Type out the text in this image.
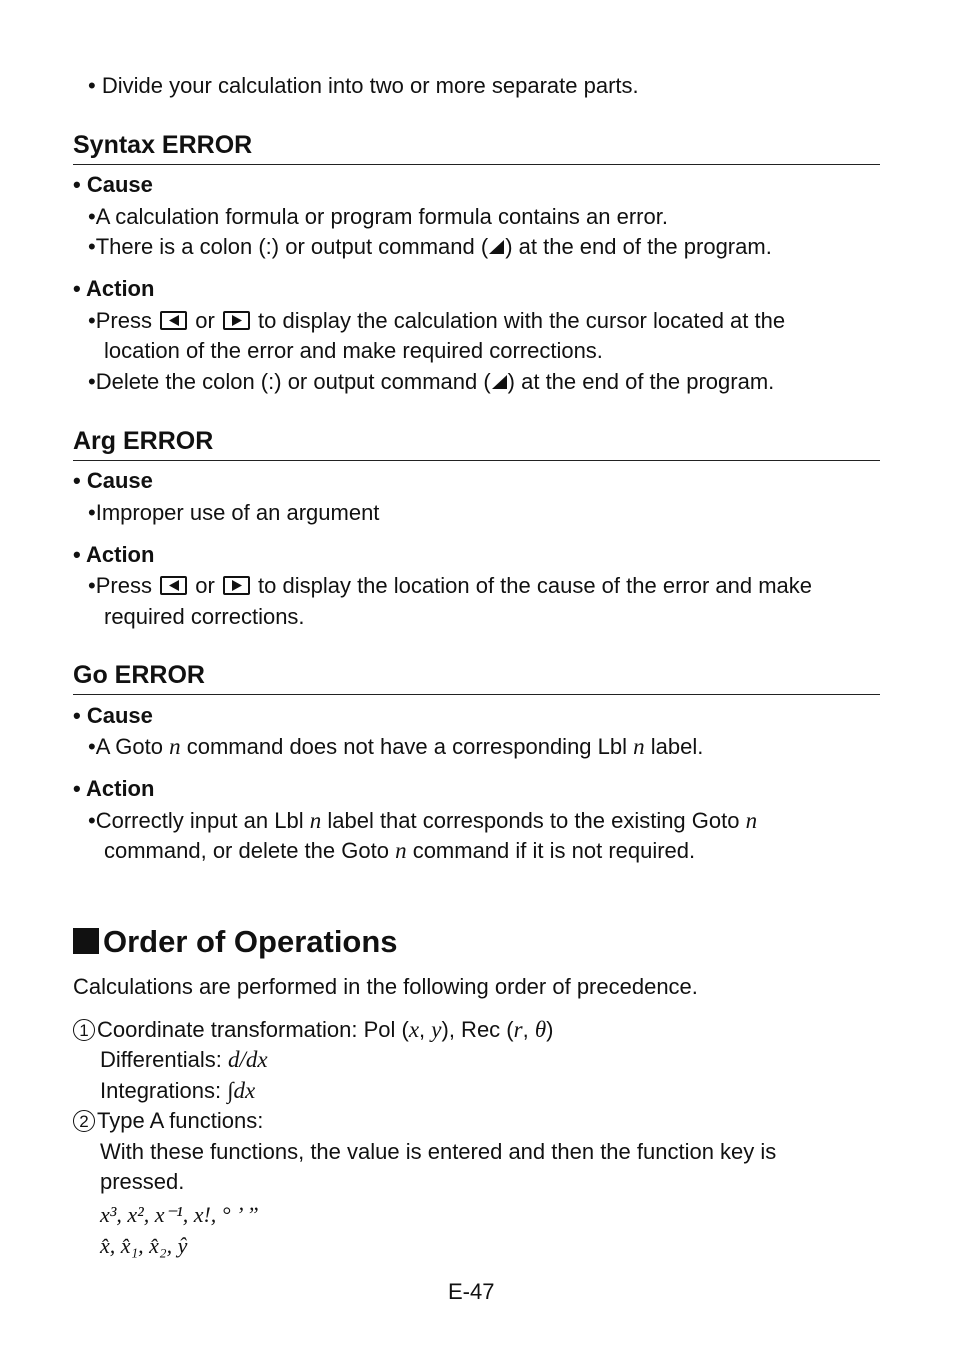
• Divide your calculation into two or more separate parts.
Syntax ERROR
• Cause
•A calculation formula or program formula contains an error.
•There is a colon (:) or output command ( ) at the end of the program.
• Action
•Press or to display the calculation with the cursor located at the
location of the error and make required corrections.
•Delete the colon (:) or output command ( ) at the end of the program.
Arg ERROR
• Cause
•Improper use of an argument
• Action
•Press or to display the location of the cause of the error and make
required corrections.
Go ERROR
• Cause
•A Goto n command does not have a corresponding Lbl n label.
• Action
•Correctly input an Lbl n label that corresponds to the existing Goto n
command, or delete the Goto n command if it is not required.
Order of Operations
Calculations are performed in the following order of precedence.
1 Coordinate transformation: Pol (x, y), Rec (r, θ)
Differentials: d/dx
Integrations: ∫dx
2 Type A functions:
With these functions, the value is entered and then the function key is
pressed.
x³, x², x⁻¹, x!, ° ’ ”
x̂, x̂₁, x̂₂, ŷ
E-47
